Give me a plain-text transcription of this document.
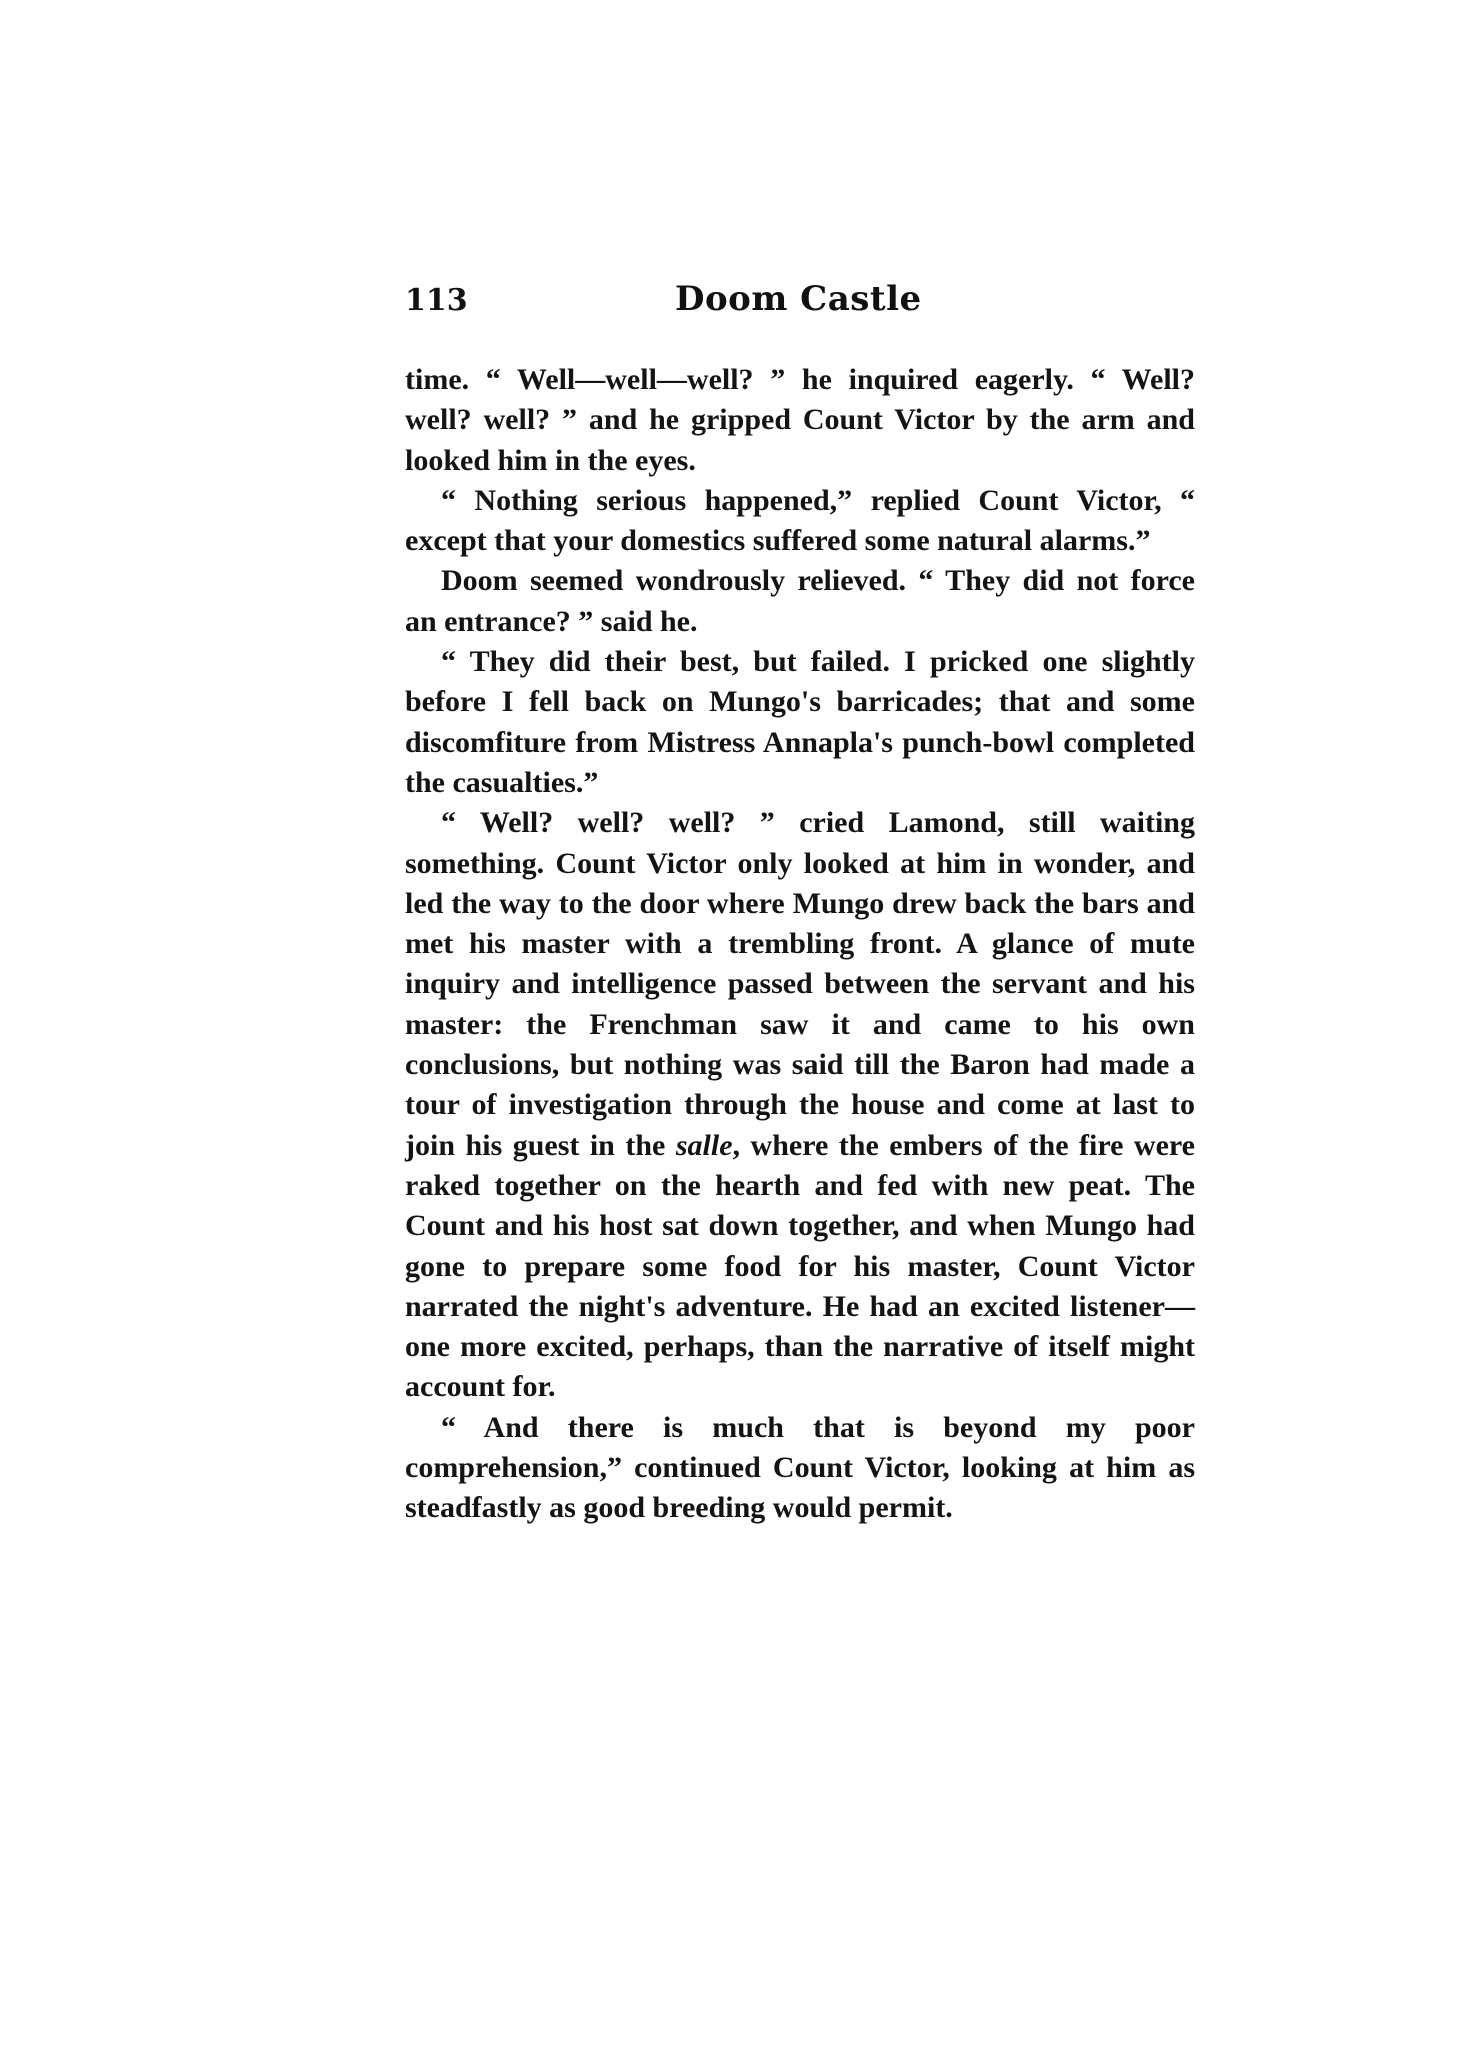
113	Doom Castle

time. “ Well—well—well? ” he inquired eagerly. “ Well? well? well? ” and he gripped Count Victor by the arm and looked him in the eyes.

“ Nothing serious happened,” replied Count Victor, “ except that your domestics suffered some natural alarms.”

Doom seemed wondrously relieved. “ They did not force an entrance? ” said he.

“ They did their best, but failed. I pricked one slightly before I fell back on Mungo's barricades; that and some discomfiture from Mistress Annapla's punch-bowl completed the casualties.”

“ Well? well? well? ” cried Lamond, still waiting something. Count Victor only looked at him in wonder, and led the way to the door where Mungo drew back the bars and met his master with a trembling front. A glance of mute inquiry and intelligence passed between the servant and his master: the Frenchman saw it and came to his own conclusions, but nothing was said till the Baron had made a tour of investigation through the house and come at last to join his guest in the salle, where the embers of the fire were raked together on the hearth and fed with new peat. The Count and his host sat down together, and when Mungo had gone to prepare some food for his master, Count Victor narrated the night's adventure. He had an excited listener—one more excited, perhaps, than the narrative of itself might account for.

“ And there is much that is beyond my poor comprehension,” continued Count Victor, looking at him as steadfastly as good breeding would permit.
